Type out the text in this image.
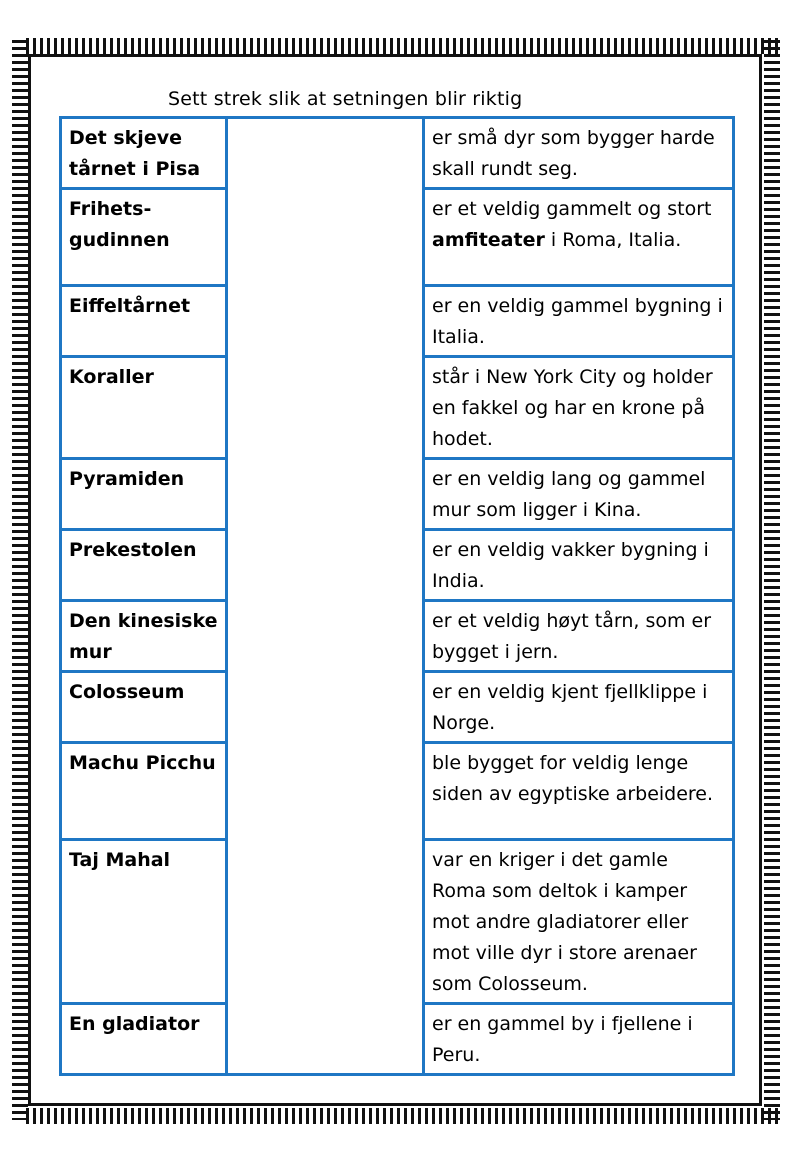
Sett strek slik at setningen blir riktig
Det skjeve tårnet i Pisa		er små dyr som bygger harde skall rundt seg.
Frihets-gudinnen		er et veldig gammelt og stort amfiteater i Roma, Italia.
Eiffeltårnet		er en veldig gammel bygning i Italia.
Koraller		står i New York City og holder en fakkel og har en krone på hodet.
Pyramiden		er en veldig lang og gammel mur som ligger i Kina.
Prekestolen		er en veldig vakker bygning i India.
Den kinesiske mur		er et veldig høyt tårn, som er bygget i jern.
Colosseum		er en veldig kjent fjellklippe i Norge.
Machu Picchu		ble bygget for veldig lenge siden av egyptiske arbeidere.
Taj Mahal		var en kriger i det gamle Roma som deltok i kamper mot andre gladiatorer eller mot ville dyr i store arenaer som Colosseum.
En gladiator		er en gammel by i fjellene i Peru.
